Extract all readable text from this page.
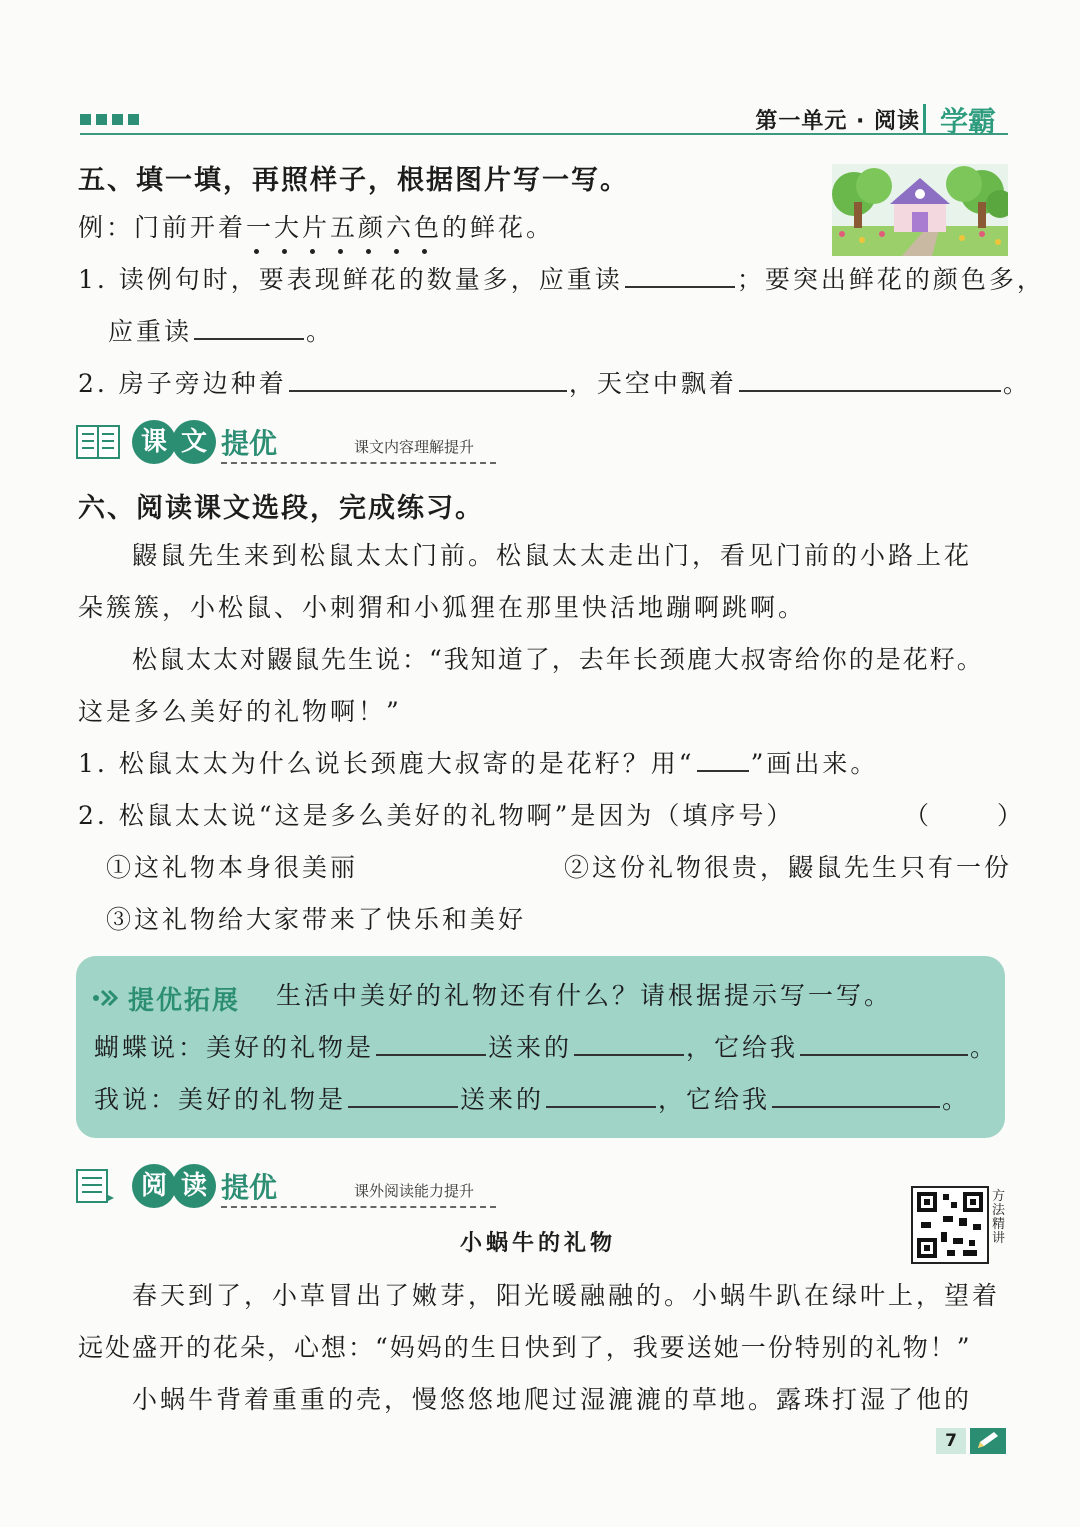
第一单元 · 阅读 学霸
五、填一填，再照样子，根据图片写一写。
例：门前开着一大片五颜六色
的鲜花。
1. 读例句时，要表现鲜花的数量多，应重读	；要突出鲜花的颜色多，
应重读	。
2. 房子旁边种着	，天空中飘着	。
课 文 提优	课文内容理解提升
六、阅读课文选段，完成练习。
鼹鼠先生来到松鼠太太门前。松鼠太太走出门，看见门前的小路上花
朵簇簇，小松鼠、小刺猬和小狐狸在那里快活地蹦啊跳啊。
松鼠太太对鼹鼠先生说：“我知道了，去年长颈鹿大叔寄给你的是花籽。
这是多么美好的礼物啊！”
1. 松鼠太太为什么说长颈鹿大叔寄的是花籽？用“ ”画出来。
2. 松鼠太太说“这是多么美好的礼物啊”是因为（填序号）	（　　）
①这礼物本身很美丽	②这份礼物很贵，鼹鼠先生只有一份
③这礼物给大家带来了快乐和美好
提优拓展 生活中美好的礼物还有什么？请根据提示写一写。
蝴蝶说：美好的礼物是	送来的	，它给我	。
我说：美好的礼物是	送来的	，它给我	。
阅 读 提优	课外阅读能力提升	方法精讲
小蜗牛的礼物
春天到了，小草冒出了嫩芽，阳光暖融融的。小蜗牛趴在绿叶上，望着
远处盛开的花朵，心想：“妈妈的生日快到了，我要送她一份特别的礼物！”
小蜗牛背着重重的壳，慢悠悠地爬过湿漉漉的草地。露珠打湿了他的
7
